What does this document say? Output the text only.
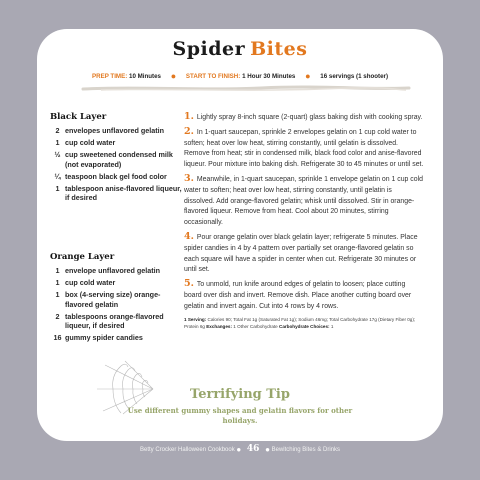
Spider Bites
PREP TIME: 10 Minutes ● START TO FINISH: 1 Hour 30 Minutes ● 16 servings (1 shooter)
Black Layer
2 envelopes unflavored gelatin
1 cup cold water
½ cup sweetened condensed milk (not evaporated)
¼ teaspoon black gel food color
1 tablespoon anise-flavored liqueur, if desired
Orange Layer
1 envelope unflavored gelatin
1 cup cold water
1 box (4-serving size) orange-flavored gelatin
2 tablespoons orange-flavored liqueur, if desired
16 gummy spider candies
1. Lightly spray 8-inch square (2-quart) glass baking dish with cooking spray.
2. In 1-quart saucepan, sprinkle 2 envelopes gelatin on 1 cup cold water to soften; heat over low heat, stirring constantly, until gelatin is dissolved. Remove from heat; stir in condensed milk, black food color and anise-flavored liqueur. Pour mixture into baking dish. Refrigerate 30 to 45 minutes or until set.
3. Meanwhile, in 1-quart saucepan, sprinkle 1 envelope gelatin on 1 cup cold water to soften; heat over low heat, stirring constantly, until gelatin is dissolved. Add orange-flavored gelatin; whisk until dissolved. Stir in orange-flavored liqueur. Remove from heat. Cool about 20 minutes, stirring occasionally.
4. Pour orange gelatin over black gelatin layer; refrigerate 5 minutes. Place spider candies in 4 by 4 pattern over partially set orange-flavored gelatin so each square will have a spider in center when cut. Refrigerate 30 minutes or until set.
5. To unmold, run knife around edges of gelatin to loosen; place cutting board over dish and invert. Remove dish. Place another cutting board over gelatin and invert again. Cut into 4 rows by 4 rows.
1 Serving: Calories 90; Total Fat 1g (Saturated Fat 1g); Sodium 46mg; Total Carbohydrate 17g (Dietary Fiber 0g); Protein 6g Exchanges: 1 Other Carbohydrate Carbohydrate Choices: 1
Terrifying Tip
Use different gummy shapes and gelatin flavors for other holidays.
Betty Crocker Halloween Cookbook ● 46 ● Bewitching Bites & Drinks
